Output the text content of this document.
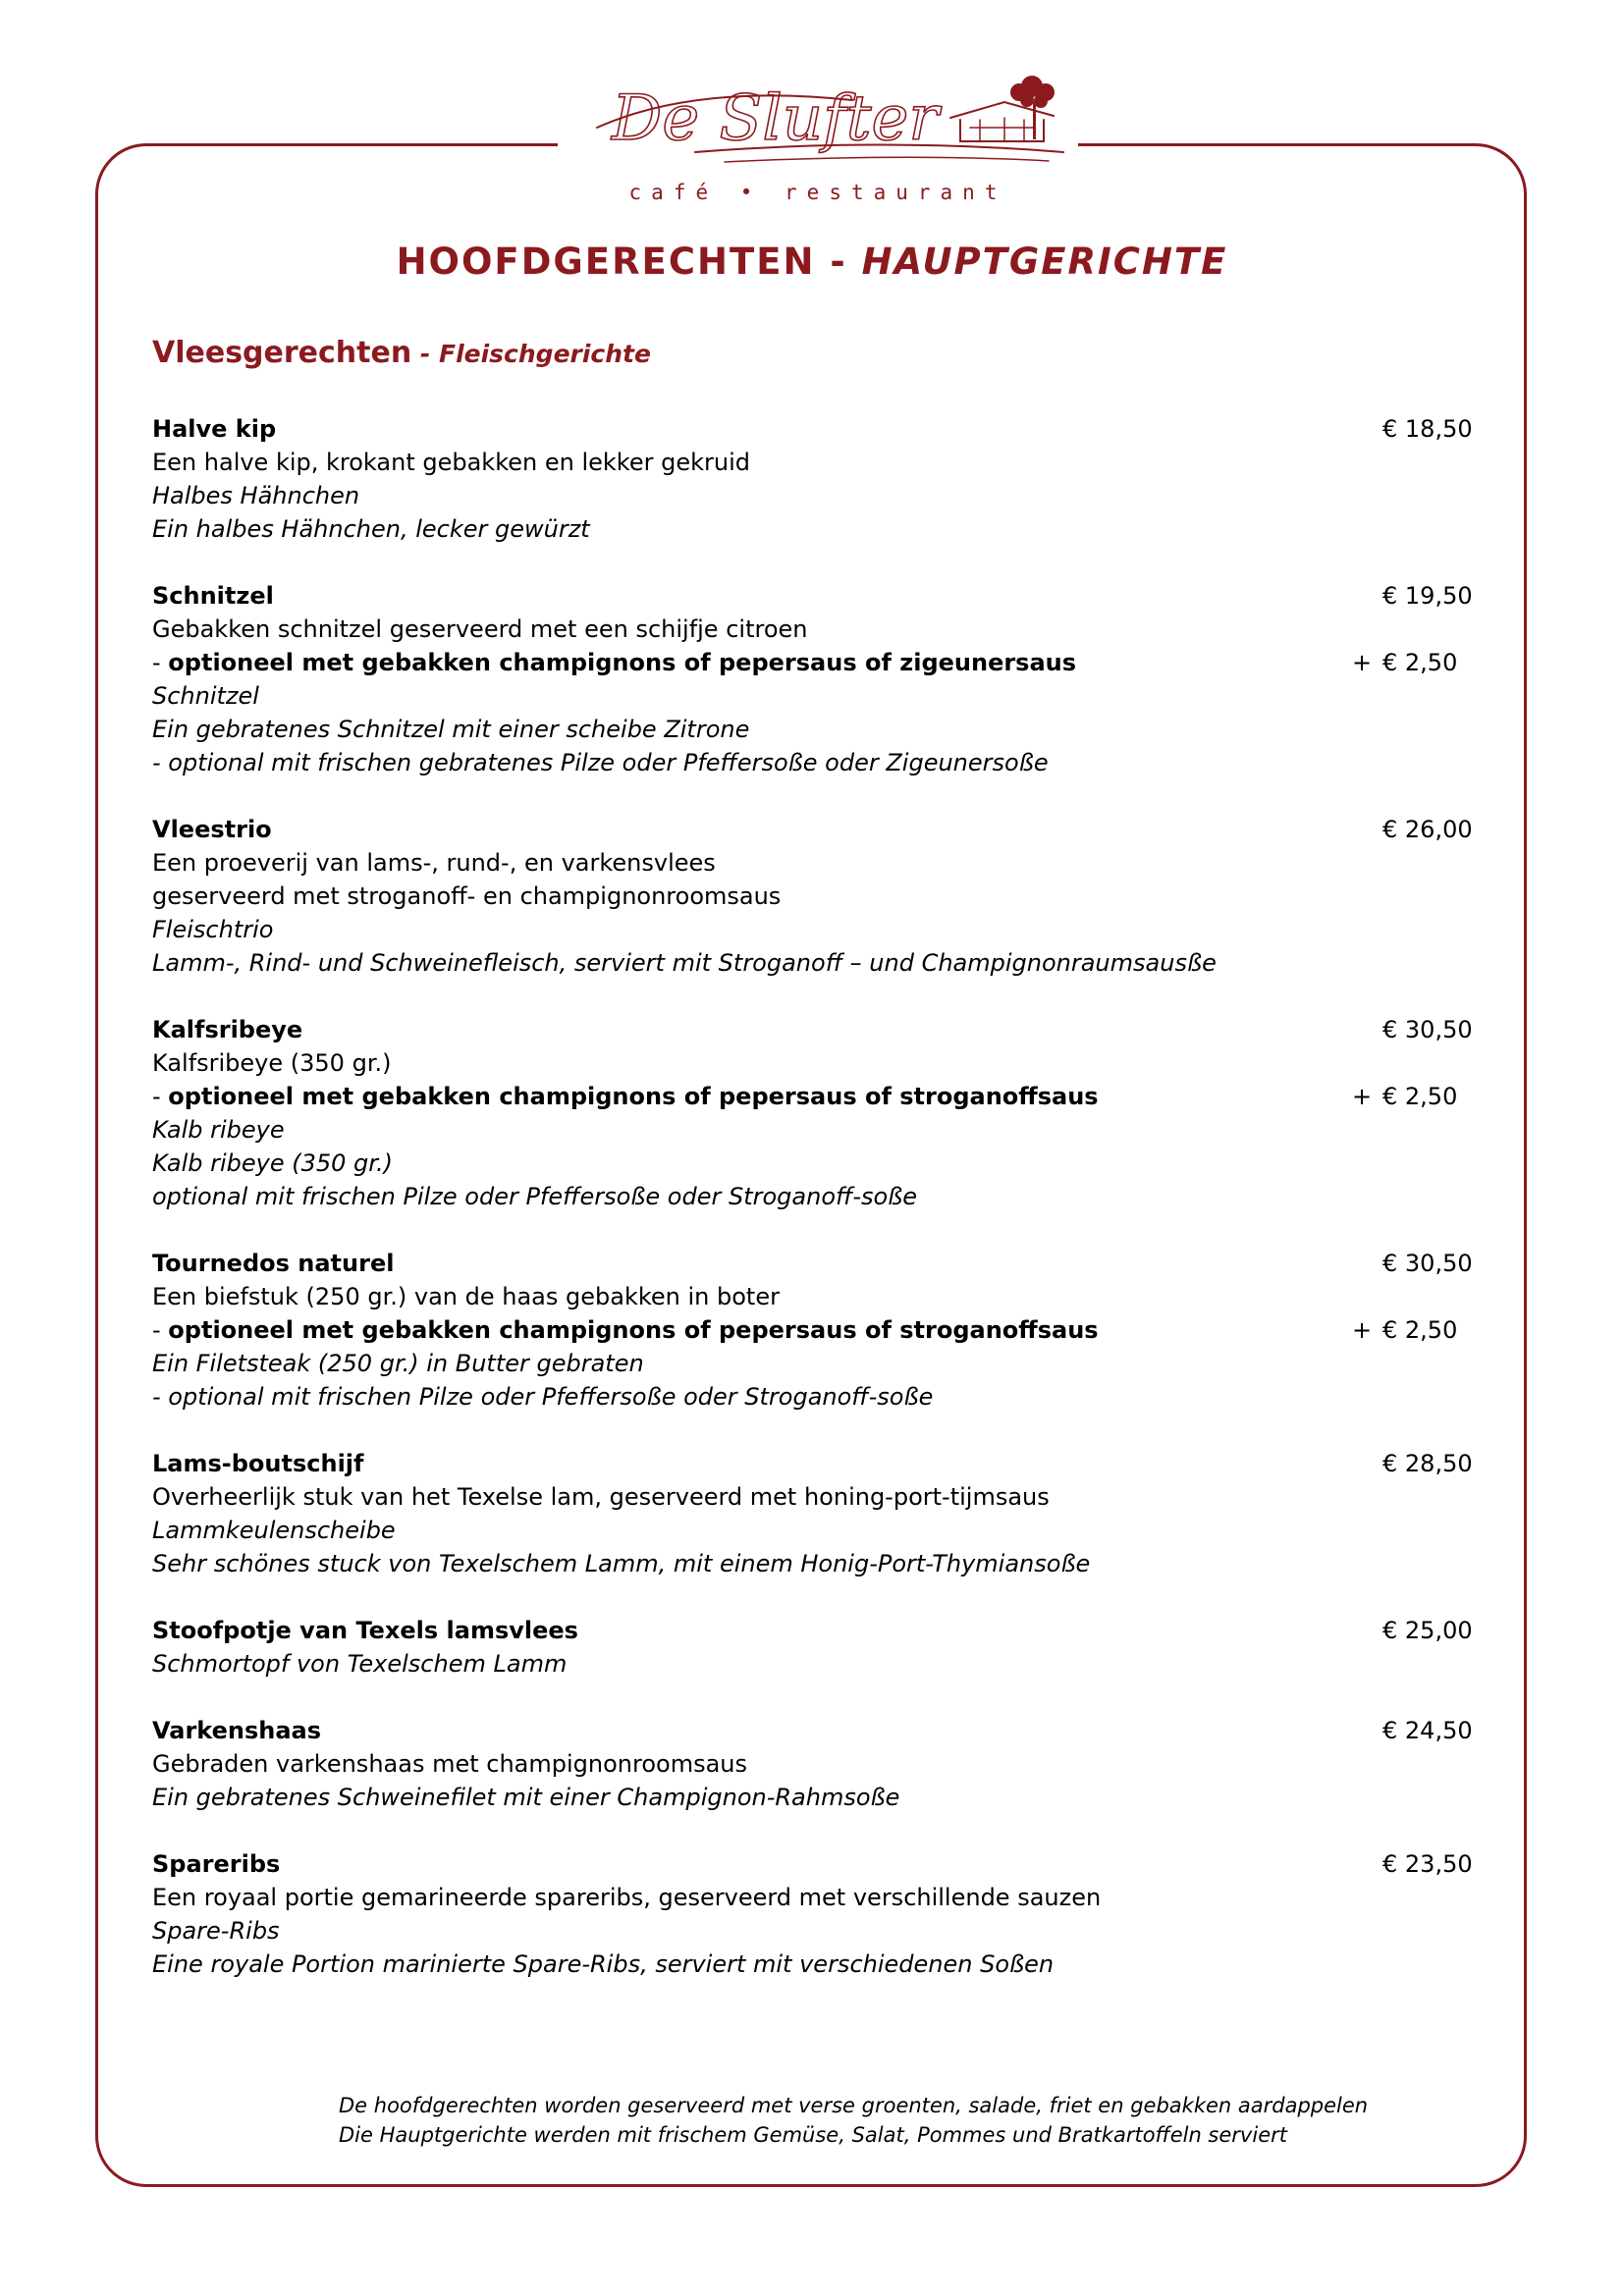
De Slufter
café • restaurant
HOOFDGERECHTEN - HAUPTGERICHTE
Vleesgerechten - Fleischgerichte
Halve kip	€ 18,50
Een halve kip, krokant gebakken en lekker gekruid
Halbes Hähnchen
Ein halbes Hähnchen, lecker gewürzt
Schnitzel	€ 19,50
Gebakken schnitzel geserveerd met een schijfje citroen
- optioneel met gebakken champignons of pepersaus of zigeunersaus	+ € 2,50
Schnitzel
Ein gebratenes Schnitzel mit einer scheibe Zitrone
- optional mit frischen gebratenes Pilze oder Pfeffersoße oder Zigeunersoße
Vleestrio	€ 26,00
Een proeverij van lams-, rund-, en varkensvlees
geserveerd met stroganoff- en champignonroomsaus
Fleischtrio
Lamm-, Rind- und Schweinefleisch, serviert mit Stroganoff – und Champignonraumsausße
Kalfsribeye	€ 30,50
Kalfsribeye (350 gr.)
- optioneel met gebakken champignons of pepersaus of stroganoffsaus	+ € 2,50
Kalb ribeye
Kalb ribeye (350 gr.)
optional mit frischen Pilze oder Pfeffersoße oder Stroganoff-soße
Tournedos naturel	€ 30,50
Een biefstuk (250 gr.) van de haas gebakken in boter
- optioneel met gebakken champignons of pepersaus of stroganoffsaus	+ € 2,50
Ein Filetsteak (250 gr.) in Butter gebraten
- optional mit frischen Pilze oder Pfeffersoße oder Stroganoff-soße
Lams-boutschijf	€ 28,50
Overheerlijk stuk van het Texelse lam, geserveerd met honing-port-tijmsaus
Lammkeulenscheibe
Sehr schönes stuck von Texelschem Lamm, mit einem Honig-Port-Thymiansoße
Stoofpotje van Texels lamsvlees	€ 25,00
Schmortopf von Texelschem Lamm
Varkenshaas	€ 24,50
Gebraden varkenshaas met champignonroomsaus
Ein gebratenes Schweinefilet mit einer Champignon-Rahmsoße
Spareribs	€ 23,50
Een royaal portie gemarineerde spareribs, geserveerd met verschillende sauzen
Spare-Ribs
Eine royale Portion marinierte Spare-Ribs, serviert mit verschiedenen Soßen
De hoofdgerechten worden geserveerd met verse groenten, salade, friet en gebakken aardappelen
Die Hauptgerichte werden mit frischem Gemüse, Salat, Pommes und Bratkartoffeln serviert
